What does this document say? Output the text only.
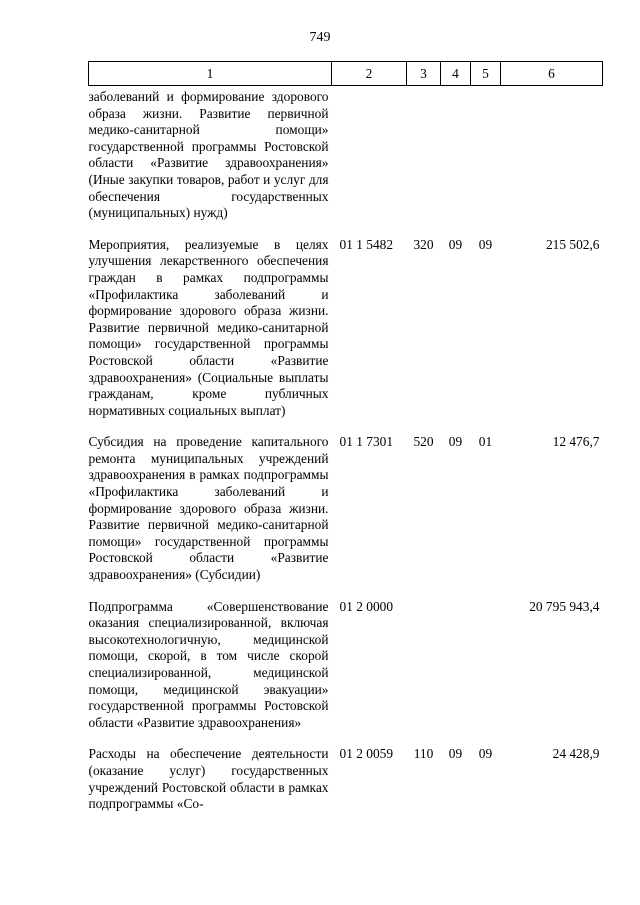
749
1	2	3	4	5	6
заболеваний и формирование здорового образа жизни. Развитие первичной медико-санитарной помощи» государственной программы Ростовской области «Развитие здравоохранения» (Иные закупки товаров, работ и услуг для обеспечения государственных (муниципальных) нужд)					

Мероприятия, реализуемые в целях улучшения лекарственного обеспечения граждан в рамках подпрограммы «Профилактика заболеваний и формирование здорового образа жизни. Развитие первичной медико-санитарной помощи» государственной программы Ростовской области «Развитие здравоохранения» (Социальные выплаты гражданам, кроме публичных нормативных социальных выплат)	01 1 5482	320	09	09	215 502,6

Субсидия на проведение капитального ремонта муниципальных учреждений здравоохранения в рамках подпрограммы «Профилактика заболеваний и формирование здорового образа жизни. Развитие первичной медико-санитарной помощи» государственной программы Ростовской области «Развитие здравоохранения» (Субсидии)	01 1 7301	520	09	01	12 476,7

Подпрограмма «Совершенствование оказания специализированной, включая высокотехнологичную, медицинской помощи, скорой, в том числе скорой специализированной, медицинской помощи, медицинской эвакуации» государственной программы Ростовской области «Развитие здравоохранения»	01 2 0000				20 795 943,4

Расходы на обеспечение деятельности (оказание услуг) государственных учреждений Ростовской области в рамках подпрограммы «Со-	01 2 0059	110	09	09	24 428,9
